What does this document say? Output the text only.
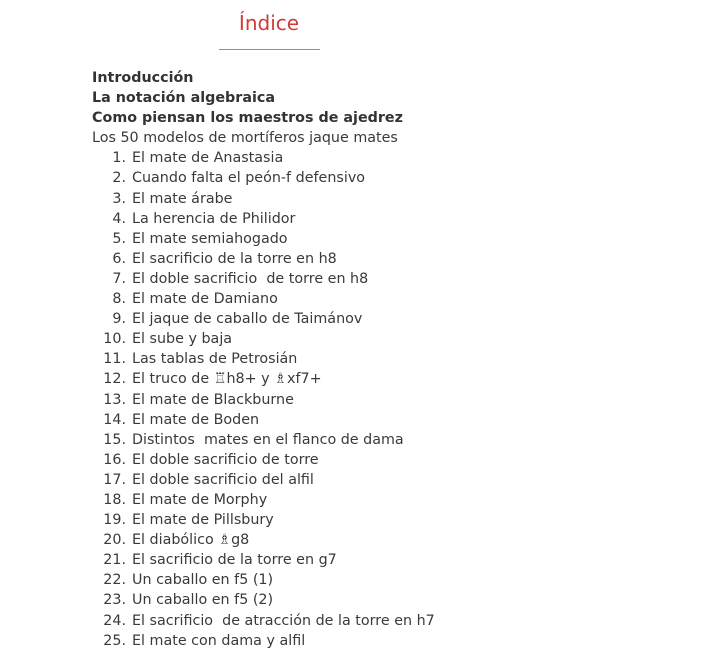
Índice
Introducción
La notación algebraica
Como piensan los maestros de ajedrez
Los 50 modelos de mortíferos jaque mates
1. El mate de Anastasia
2. Cuando falta el peón-f defensivo
3. El mate árabe
4. La herencia de Philidor
5. El mate semiahogado
6. El sacrificio de la torre en h8
7. El doble sacrificio  de torre en h8
8. El mate de Damiano
9. El jaque de caballo de Taimánov
10. El sube y baja
11. Las tablas de Petrosián
12. El truco de ♖h8+ y ♗xf7+
13. El mate de Blackburne
14. El mate de Boden
15. Distintos  mates en el flanco de dama
16. El doble sacrificio de torre
17. El doble sacrificio del alfil
18. El mate de Morphy
19. El mate de Pillsbury
20. El diabólico ♗g8
21. El sacrificio de la torre en g7
22. Un caballo en f5 (1)
23. Un caballo en f5 (2)
24. El sacrificio  de atracción de la torre en h7
25. El mate con dama y alfil
